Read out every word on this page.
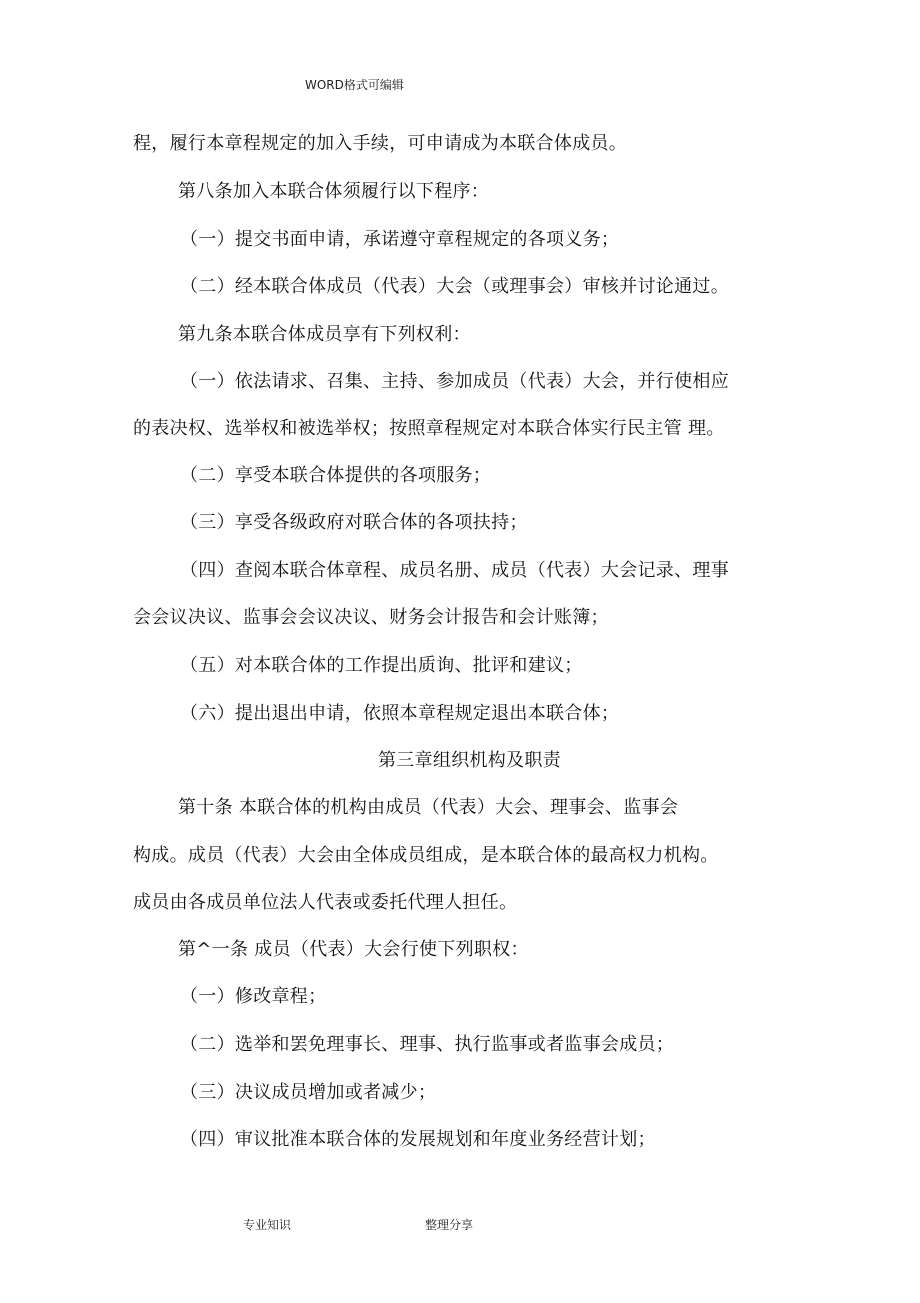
WORD格式可编辑
程，履行本章程规定的加入手续，可申请成为本联合体成员。
第八条加入本联合体须履行以下程序：
（一）提交书面申请，承诺遵守章程规定的各项义务；
（二）经本联合体成员（代表）大会（或理事会）审核并讨论通过。
第九条本联合体成员享有下列权利：
（一）依法请求、召集、主持、参加成员（代表）大会，并行使相应
的表决权、选举权和被选举权；按照章程规定对本联合体实行民主管 理。
（二）享受本联合体提供的各项服务；
（三）享受各级政府对联合体的各项扶持；
（四）查阅本联合体章程、成员名册、成员（代表）大会记录、理事
会会议决议、监事会会议决议、财务会计报告和会计账簿；
（五）对本联合体的工作提出质询、批评和建议；
（六）提出退出申请，依照本章程规定退出本联合体；
第三章组织机构及职责
第十条 本联合体的机构由成员（代表）大会、理事会、监事会
构成。成员（代表）大会由全体成员组成，是本联合体的最高权力机构。
成员由各成员单位法人代表或委托代理人担任。
第^一条 成员（代表）大会行使下列职权：
（一）修改章程；
（二）选举和罢免理事长、理事、执行监事或者监事会成员；
（三）决议成员增加或者减少；
（四）审议批准本联合体的发展规划和年度业务经营计划；
专业知识	整理分享
